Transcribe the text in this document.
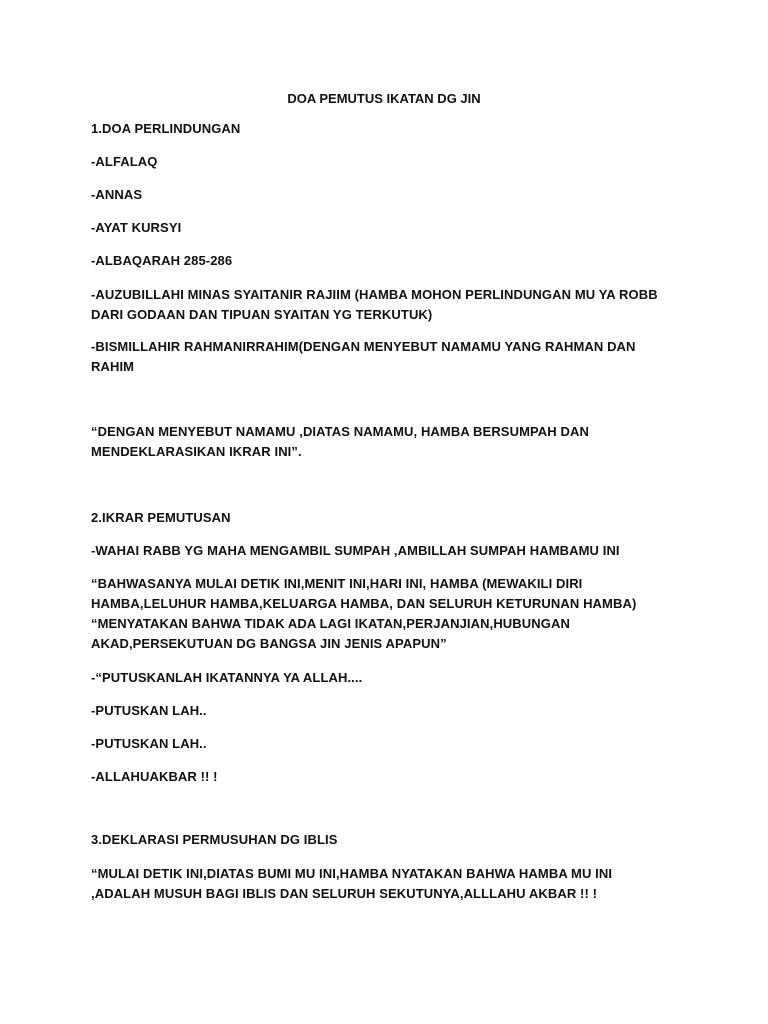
DOA PEMUTUS IKATAN DG JIN
1.DOA PERLINDUNGAN
-ALFALAQ
-ANNAS
-AYAT KURSYI
-ALBAQARAH 285-286
-AUZUBILLAHI MINAS SYAITANIR RAJIIM (HAMBA MOHON PERLINDUNGAN MU YA ROBB
DARI GODAAN DAN TIPUAN SYAITAN YG TERKUTUK)
-BISMILLAHIR RAHMANIRRAHIM(DENGAN MENYEBUT NAMAMU YANG RAHMAN DAN
RAHIM
“DENGAN MENYEBUT NAMAMU ,DIATAS NAMAMU, HAMBA BERSUMPAH DAN
MENDEKLARASIKAN IKRAR INI”.
2.IKRAR PEMUTUSAN
-WAHAI RABB YG MAHA MENGAMBIL SUMPAH ,AMBILLAH SUMPAH HAMBAMU INI
“BAHWASANYA MULAI DETIK INI,MENIT INI,HARI INI, HAMBA (MEWAKILI DIRI
HAMBA,LELUHUR HAMBA,KELUARGA HAMBA, DAN SELURUH KETURUNAN HAMBA)
“MENYATAKAN BAHWA TIDAK ADA LAGI IKATAN,PERJANJIAN,HUBUNGAN
AKAD,PERSEKUTUAN DG BANGSA JIN JENIS APAPUN”
-“PUTUSKANLAH IKATANNYA YA ALLAH....
-PUTUSKAN LAH..
-PUTUSKAN LAH..
-ALLAHUAKBAR !! !
3.DEKLARASI PERMUSUHAN DG IBLIS
“MULAI DETIK INI,DIATAS BUMI MU INI,HAMBA NYATAKAN BAHWA HAMBA MU INI
,ADALAH MUSUH BAGI IBLIS DAN SELURUH SEKUTUNYA,ALLLAHU AKBAR !! !
